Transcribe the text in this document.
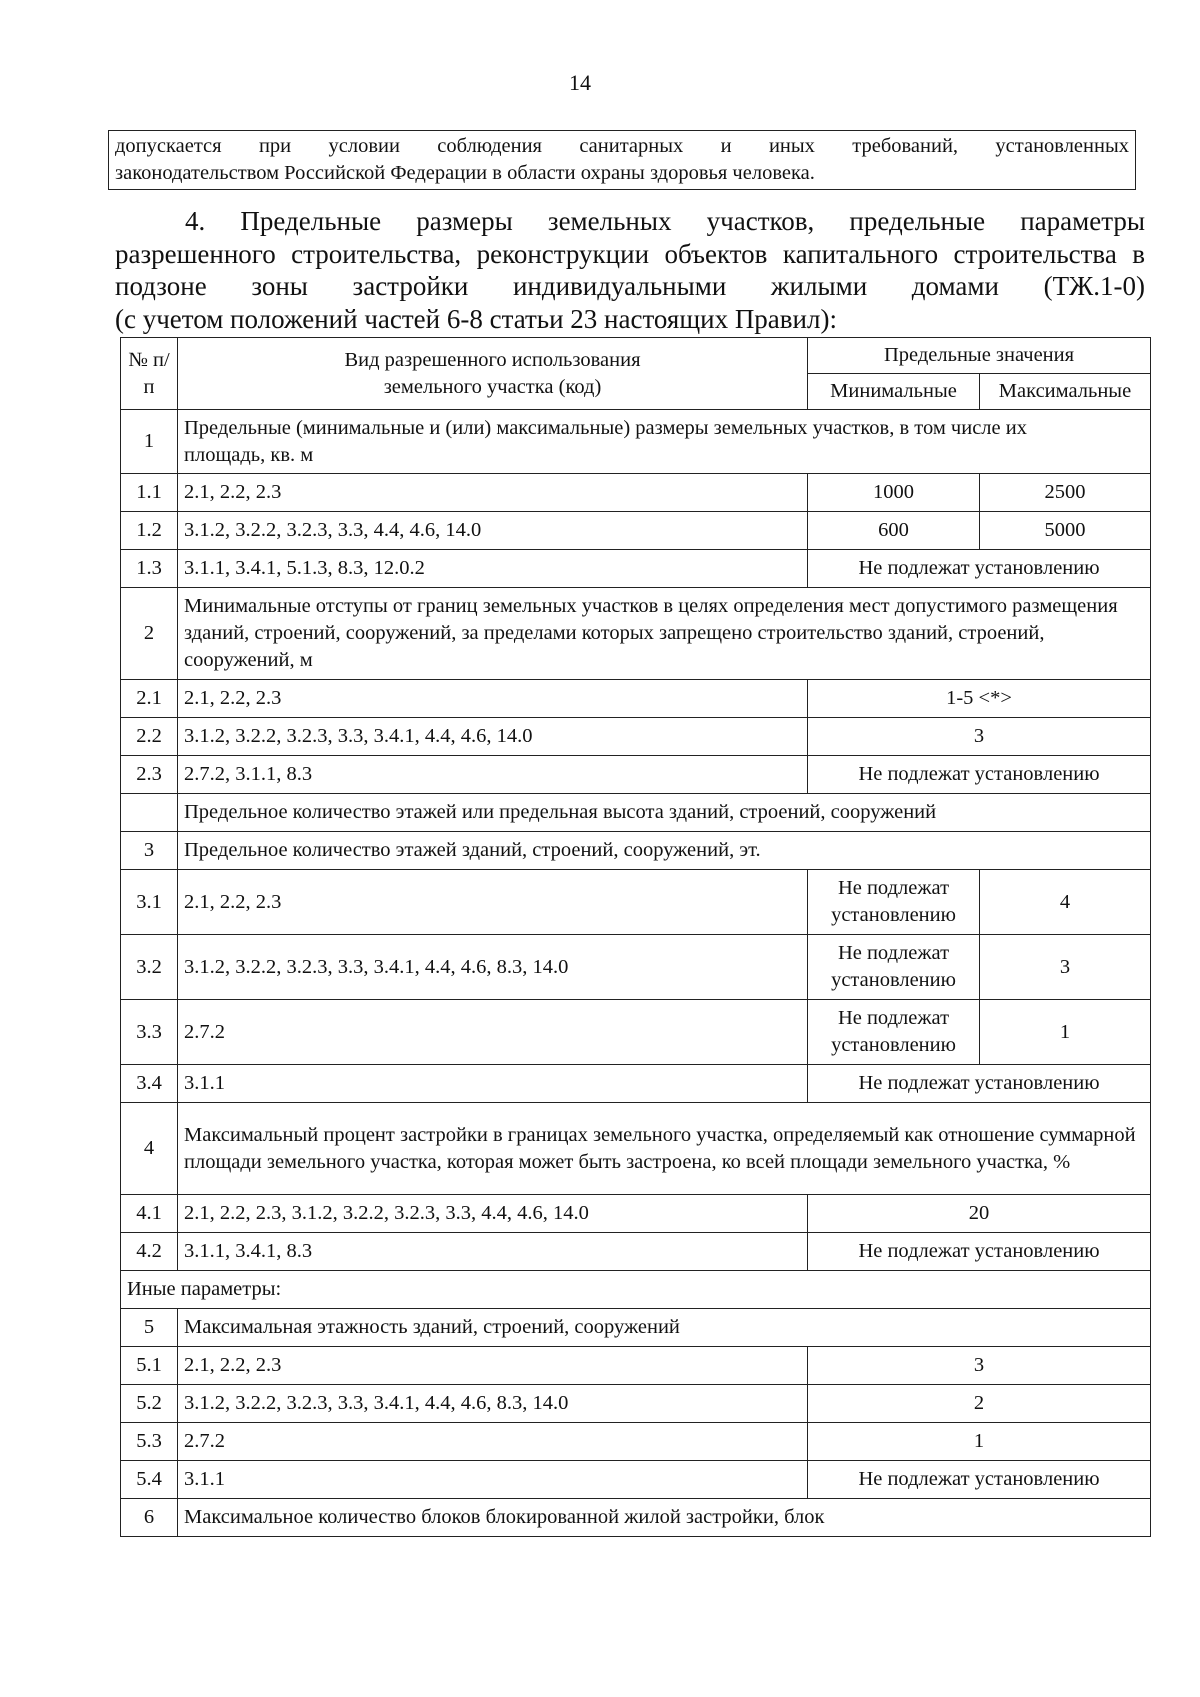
14
допускается при условии соблюдения санитарных и иных требований, установленных
законодательством Российской Федерации в области охраны здоровья человека.
4. Предельные размеры земельных участков, предельные параметры
разрешенного строительства, реконструкции объектов капитального строительства в
подзоне зоны застройки индивидуальными жилыми домами (ТЖ.1-0)
(с учетом положений частей 6-8 статьи 23 настоящих Правил):
№ п/п	Вид разрешенного использования земельного участка (код)	Предельные значения	
		Минимальные	Максимальные
1	Предельные (минимальные и (или) максимальные) размеры земельных участков, в том числе их площадь, кв. м		
1.1	2.1, 2.2, 2.3	1000	2500
1.2	3.1.2, 3.2.2, 3.2.3, 3.3, 4.4, 4.6, 14.0	600	5000
1.3	3.1.1, 3.4.1, 5.1.3, 8.3, 12.0.2	Не подлежат установлению	
2	Минимальные отступы от границ земельных участков в целях определения мест допустимого размещения зданий, строений, сооружений, за пределами которых запрещено строительство зданий, строений, сооружений, м		
2.1	2.1, 2.2, 2.3	1-5 <*>	
2.2	3.1.2, 3.2.2, 3.2.3, 3.3, 3.4.1, 4.4, 4.6, 14.0	3	
2.3	2.7.2, 3.1.1, 8.3	Не подлежат установлению	
	Предельное количество этажей или предельная высота зданий, строений, сооружений		
3	Предельное количество этажей зданий, строений, сооружений, эт.		
3.1	2.1, 2.2, 2.3	Не подлежат установлению	4
3.2	3.1.2, 3.2.2, 3.2.3, 3.3, 3.4.1, 4.4, 4.6, 8.3, 14.0	Не подлежат установлению	3
3.3	2.7.2	Не подлежат установлению	1
3.4	3.1.1	Не подлежат установлению	
4	Максимальный процент застройки в границах земельного участка, определяемый как отношение суммарной площади земельного участка, которая может быть застроена, ко всей площади земельного участка, %		
4.1	2.1, 2.2, 2.3, 3.1.2, 3.2.2, 3.2.3, 3.3, 4.4, 4.6, 14.0	20	
4.2	3.1.1, 3.4.1, 8.3	Не подлежат установлению	
Иные параметры:			
5	Максимальная этажность зданий, строений, сооружений		
5.1	2.1, 2.2, 2.3	3	
5.2	3.1.2, 3.2.2, 3.2.3, 3.3, 3.4.1, 4.4, 4.6, 8.3, 14.0	2	
5.3	2.7.2	1	
5.4	3.1.1	Не подлежат установлению	
6	Максимальное количество блоков блокированной жилой застройки, блок		
